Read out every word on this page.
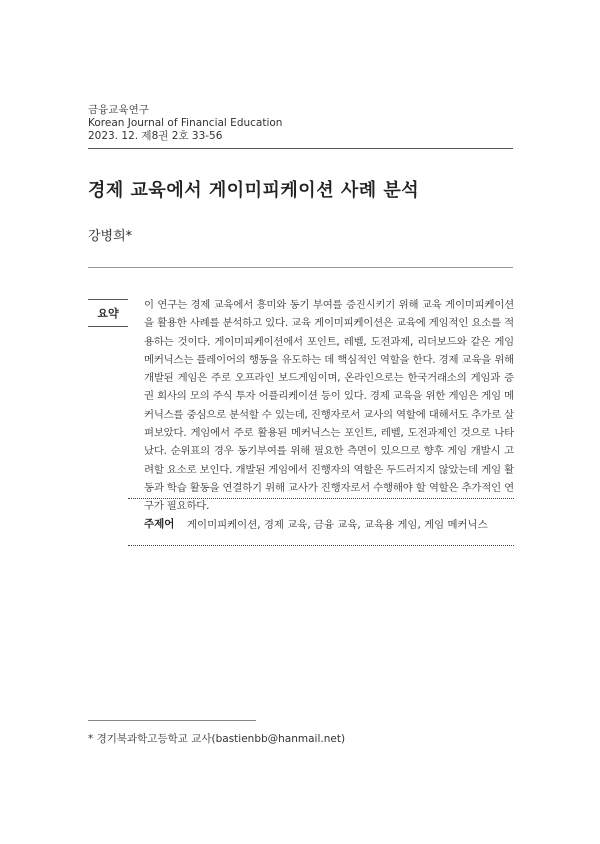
금융교육연구
Korean Journal of Financial Education
2023. 12. 제8권 2호 33-56
경제 교육에서 게이미피케이션 사례 분석
강병희*
요약
이 연구는 경제 교육에서 흥미와 동기 부여를 증진시키기 위해 교육 게이미피케이션을 활용한 사례를 분석하고 있다. 교육 게이미피케이션은 교육에 게임적인 요소를 적용하는 것이다. 게이미피케이션에서 포인트, 레벨, 도전과제, 리더보드와 같은 게임 메커닉스는 플레이어의 행동을 유도하는 데 핵심적인 역할을 한다. 경제 교육을 위해 개발된 게임은 주로 오프라인 보드게임이며, 온라인으로는 한국거래소의 게임과 증권 회사의 모의 주식 투자 어플리케이션 등이 있다. 경제 교육을 위한 게임은 게임 메커닉스를 중심으로 분석할 수 있는데, 진행자로서 교사의 역할에 대해서도 추가로 살펴보았다. 게임에서 주로 활용된 메커닉스는 포인트, 레벨, 도전과제인 것으로 나타났다. 순위표의 경우 동기부여를 위해 필요한 측면이 있으므로 향후 게임 개발시 고려할 요소로 보인다. 개발된 게임에서 진행자의 역할은 두드러지지 않았는데 게임 활동과 학습 활동을 연결하기 위해 교사가 진행자로서 수행해야 할 역할은 추가적인 연구가 필요하다.
주제어 게이미피케이션, 경제 교육, 금융 교육, 교육용 게임, 게임 메커닉스
* 경기북과학고등학교 교사(bastienbb@hanmail.net)
